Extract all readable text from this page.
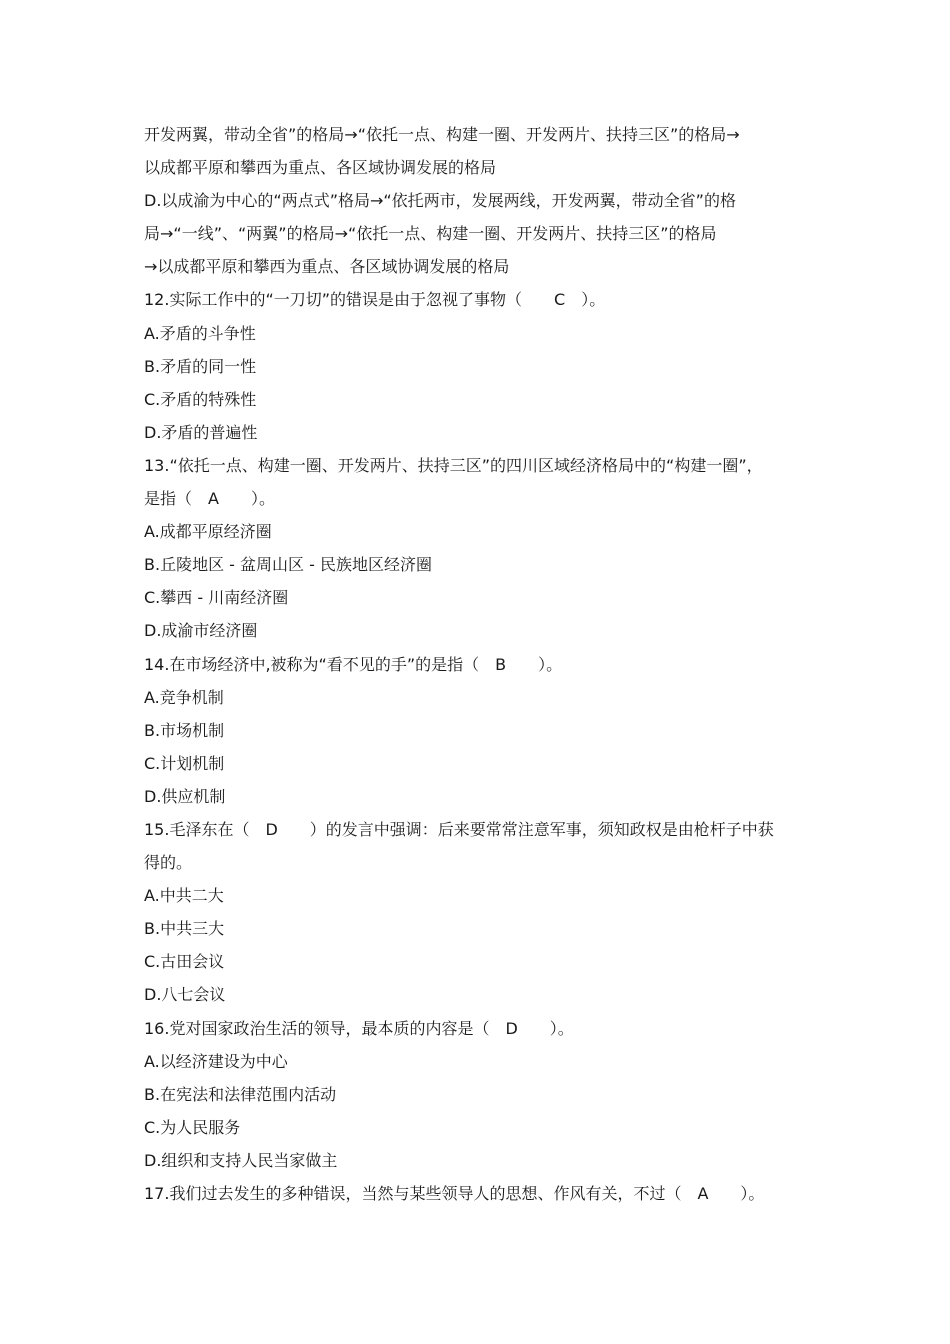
开发两翼，带动全省”的格局→“依托一点、构建一圈、开发两片、扶持三区”的格局→
以成都平原和攀西为重点、各区域协调发展的格局
D.以成渝为中心的“两点式”格局→“依托两市，发展两线，开发两翼，带动全省”的格
局→“一线”、“两翼”的格局→“依托一点、构建一圈、开发两片、扶持三区”的格局
→以成都平原和攀西为重点、各区域协调发展的格局
12.实际工作中的“一刀切”的错误是由于忽视了事物（　　C　）。
A.矛盾的斗争性
B.矛盾的同一性
C.矛盾的特殊性
D.矛盾的普遍性
13.“依托一点、构建一圈、开发两片、扶持三区”的四川区域经济格局中的“构建一圈”，
是指（　A　　）。
A.成都平原经济圈
B.丘陵地区 - 盆周山区 - 民族地区经济圈
C.攀西 - 川南经济圈
D.成渝市经济圈
14.在市场经济中,被称为“看不见的手”的是指（　B　　）。
A.竞争机制
B.市场机制
C.计划机制
D.供应机制
15.毛泽东在（　D　　）的发言中强调：后来要常常注意军事，须知政权是由枪杆子中获
得的。
A.中共二大
B.中共三大
C.古田会议
D.八七会议
16.党对国家政治生活的领导，最本质的内容是（　D　　）。
A.以经济建设为中心
B.在宪法和法律范围内活动
C.为人民服务
D.组织和支持人民当家做主
17.我们过去发生的多种错误，当然与某些领导人的思想、作风有关，不过（　A　　）。
